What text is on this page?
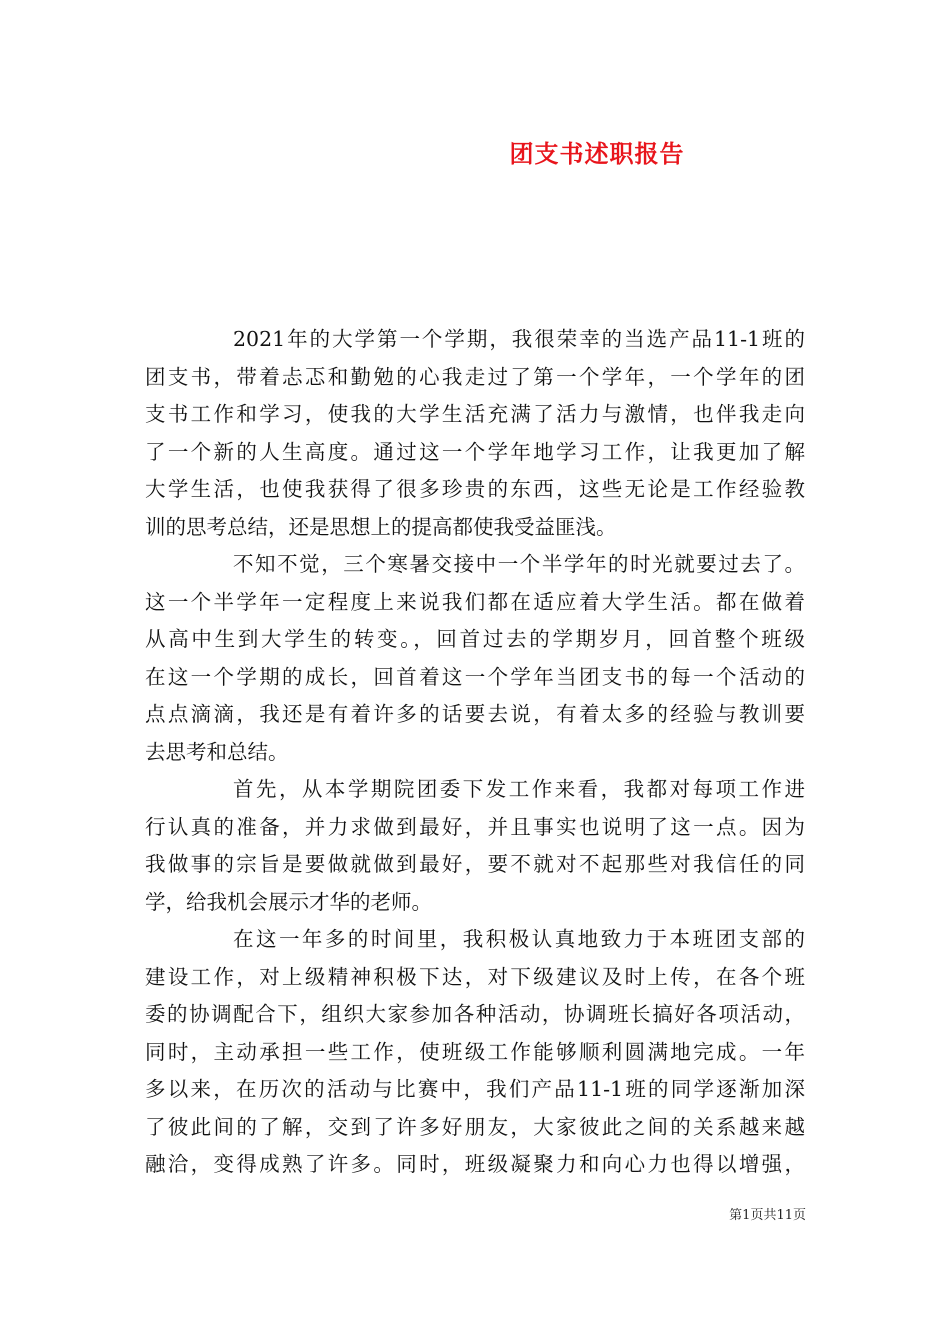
团支书述职报告
2021年的大学第一个学期，我很荣幸的当选产品11-1班的
团支书，带着忐忑和勤勉的心我走过了第一个学年，一个学年的团
支书工作和学习，使我的大学生活充满了活力与激情，也伴我走向
了一个新的人生高度。通过这一个学年地学习工作，让我更加了解
大学生活，也使我获得了很多珍贵的东西，这些无论是工作经验教
训的思考总结，还是思想上的提高都使我受益匪浅。
不知不觉，三个寒暑交接中一个半学年的时光就要过去了。
这一个半学年一定程度上来说我们都在适应着大学生活。都在做着
从高中生到大学生的转变。，回首过去的学期岁月，回首整个班级
在这一个学期的成长，回首着这一个学年当团支书的每一个活动的
点点滴滴，我还是有着许多的话要去说，有着太多的经验与教训要
去思考和总结。
首先，从本学期院团委下发工作来看，我都对每项工作进
行认真的准备，并力求做到最好，并且事实也说明了这一点。因为
我做事的宗旨是要做就做到最好，要不就对不起那些对我信任的同
学，给我机会展示才华的老师。
在这一年多的时间里，我积极认真地致力于本班团支部的
建设工作，对上级精神积极下达，对下级建议及时上传，在各个班
委的协调配合下，组织大家参加各种活动，协调班长搞好各项活动，
同时，主动承担一些工作，使班级工作能够顺利圆满地完成。一年
多以来，在历次的活动与比赛中，我们产品11-1班的同学逐渐加深
了彼此间的了解，交到了许多好朋友，大家彼此之间的关系越来越
融洽，变得成熟了许多。同时，班级凝聚力和向心力也得以增强，
第1页共11页
